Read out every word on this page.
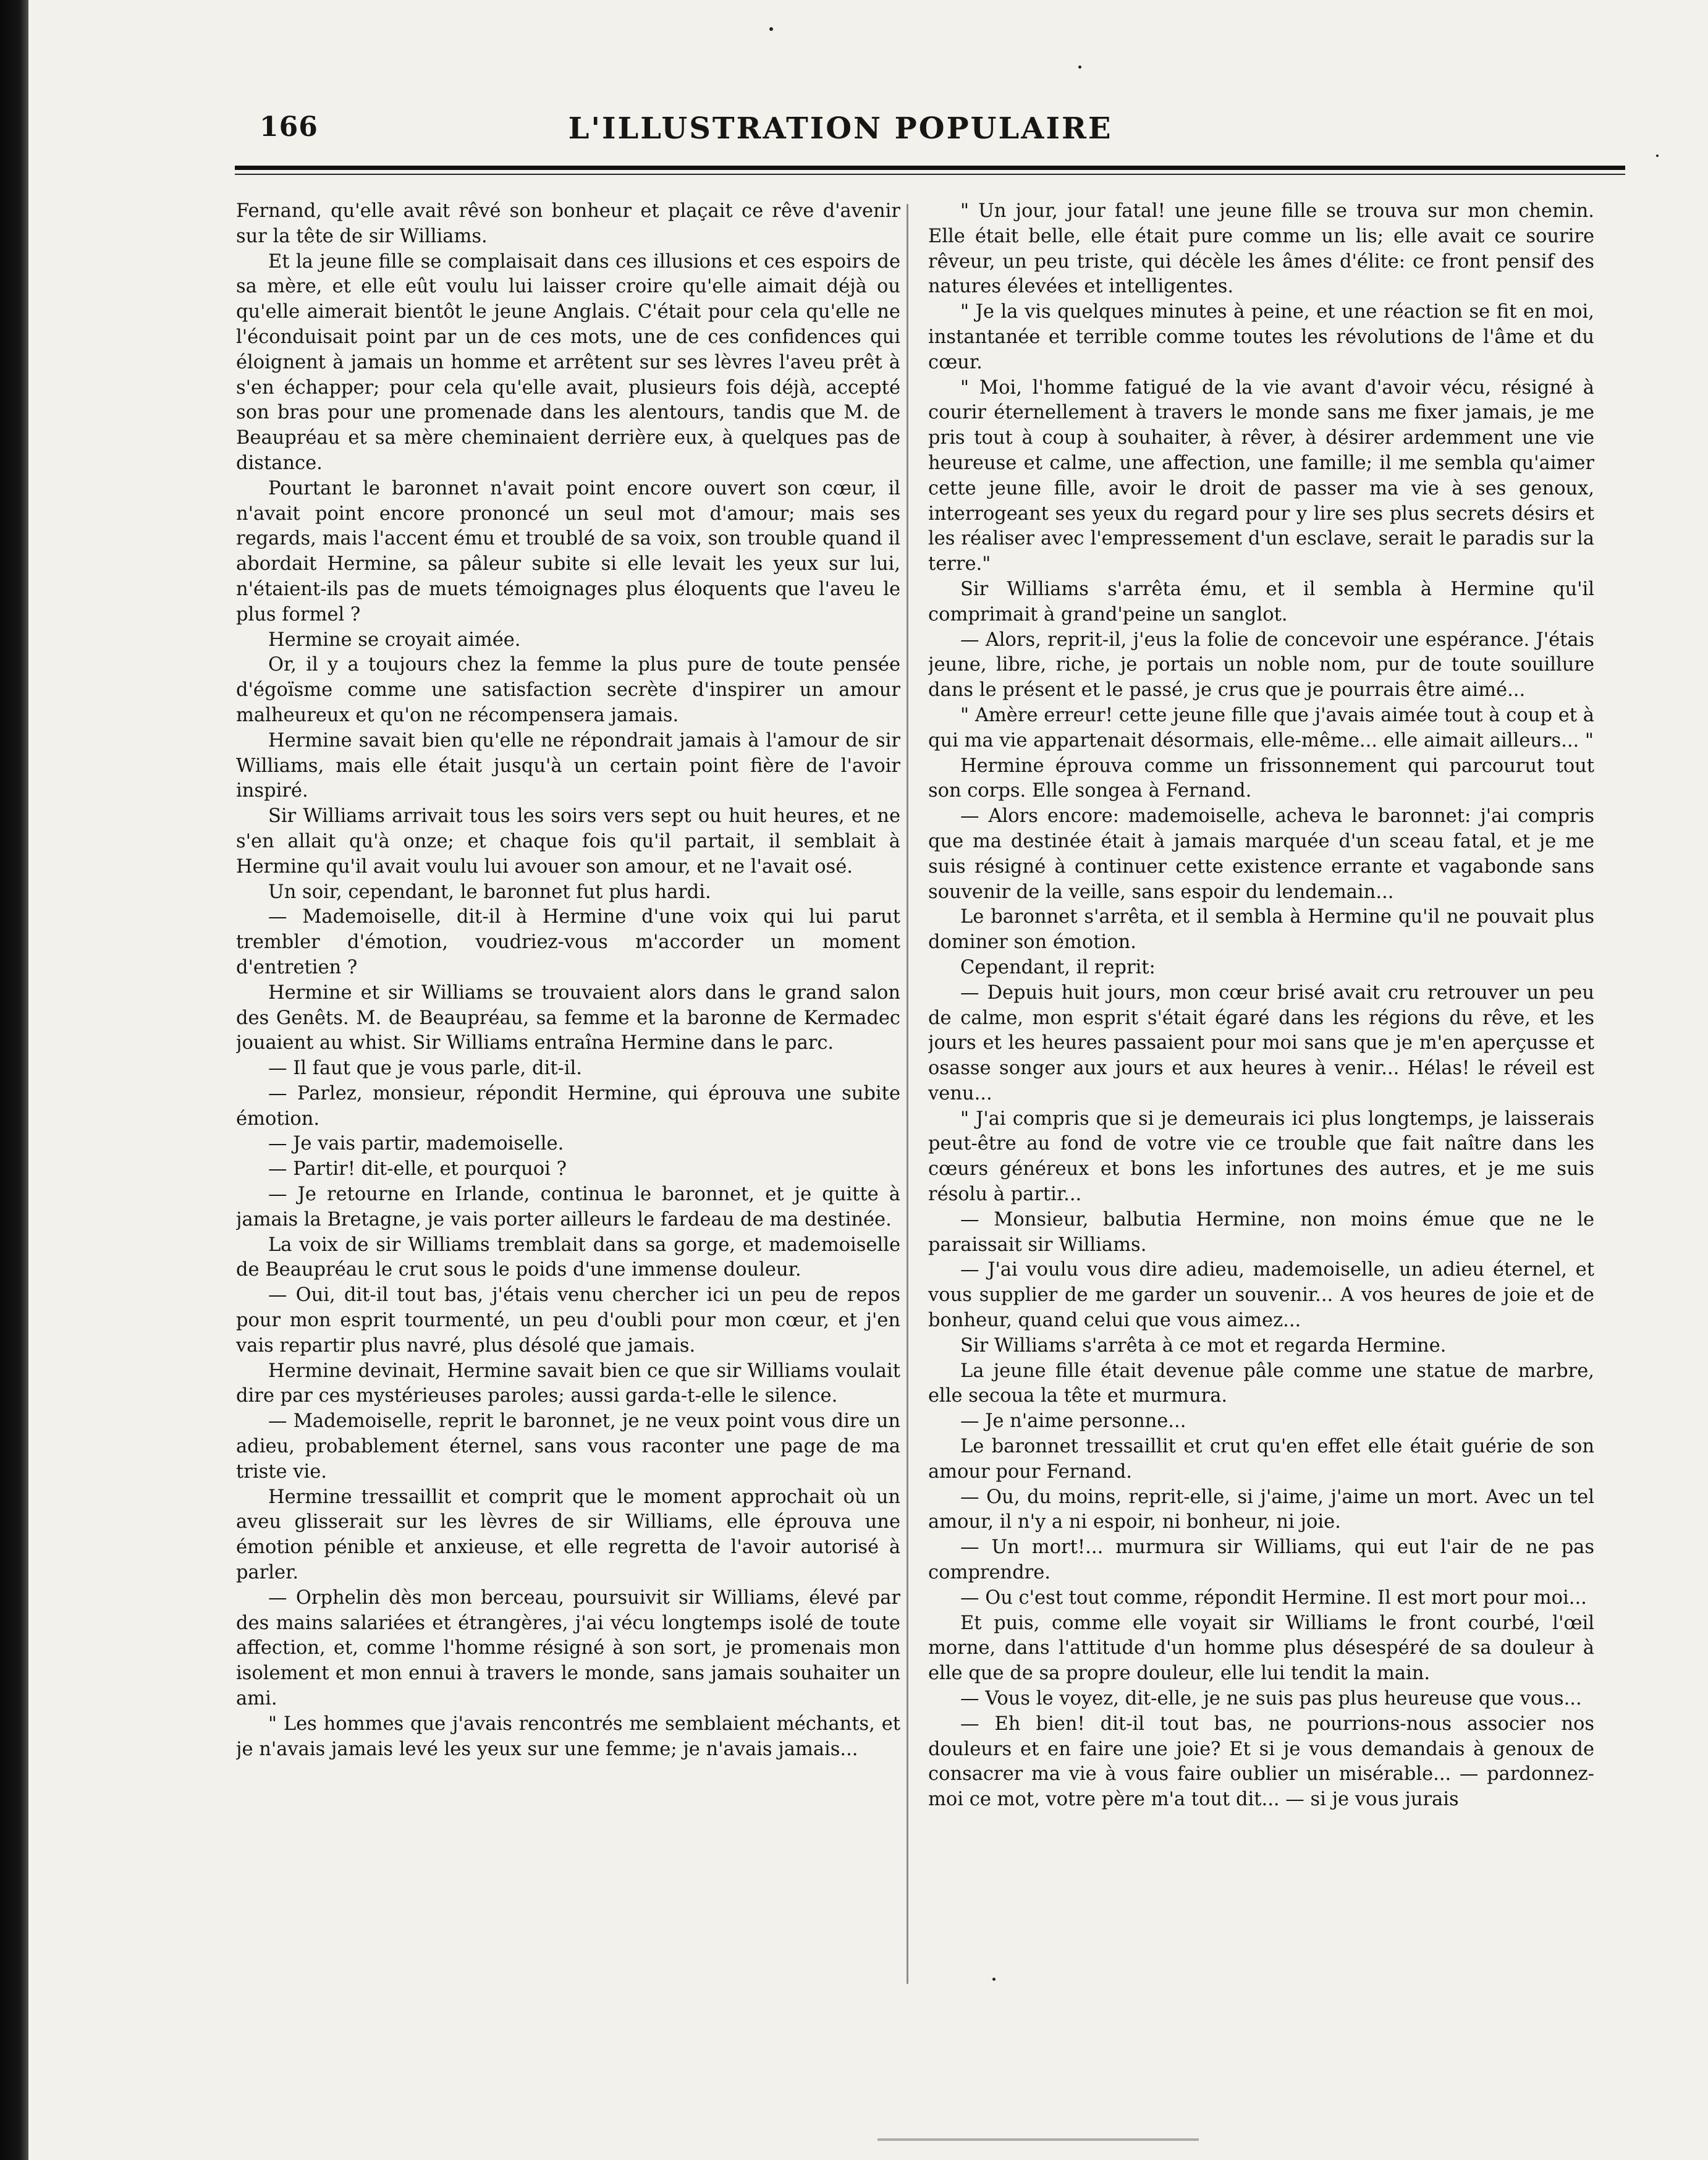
166	L'ILLUSTRATION POPULAIRE

Fernand, qu'elle avait rêvé son bonheur et plaçait ce rêve d'avenir sur la tête de sir Williams.

Et la jeune fille se complaisait dans ces illusions et ces espoirs de sa mère, et elle eût voulu lui laisser croire qu'elle aimait déjà ou qu'elle aimerait bientôt le jeune Anglais. C'était pour cela qu'elle ne l'éconduisait point par un de ces mots, une de ces confidences qui éloignent à jamais un homme et arrêtent sur ses lèvres l'aveu prêt à s'en échapper; pour cela qu'elle avait, plusieurs fois déjà, accepté son bras pour une promenade dans les alentours, tandis que M. de Beaupréau et sa mère cheminaient derrière eux, à quelques pas de distance.

Pourtant le baronnet n'avait point encore ouvert son cœur, il n'avait point encore prononcé un seul mot d'amour; mais ses regards, mais l'accent ému et troublé de sa voix, son trouble quand il abordait Hermine, sa pâleur subite si elle levait les yeux sur lui, n'étaient-ils pas de muets témoignages plus éloquents que l'aveu le plus formel ?

Hermine se croyait aimée.

Or, il y a toujours chez la femme la plus pure de toute pensée d'égoïsme comme une satisfaction secrète d'inspirer un amour malheureux et qu'on ne récompensera jamais.

Hermine savait bien qu'elle ne répondrait jamais à l'amour de sir Williams, mais elle était jusqu'à un certain point fière de l'avoir inspiré.

Sir Williams arrivait tous les soirs vers sept ou huit heures, et ne s'en allait qu'à onze; et chaque fois qu'il partait, il semblait à Hermine qu'il avait voulu lui avouer son amour, et ne l'avait osé.

Un soir, cependant, le baronnet fut plus hardi.

— Mademoiselle, dit-il à Hermine d'une voix qui lui parut trembler d'émotion, voudriez-vous m'accorder un moment d'entretien ?

Hermine et sir Williams se trouvaient alors dans le grand salon des Genêts. M. de Beaupréau, sa femme et la baronne de Kermadec jouaient au whist. Sir Williams entraîna Hermine dans le parc.

— Il faut que je vous parle, dit-il.

— Parlez, monsieur, répondit Hermine, qui éprouva une subite émotion.

— Je vais partir, mademoiselle.

— Partir! dit-elle, et pourquoi ?

— Je retourne en Irlande, continua le baronnet, et je quitte à jamais la Bretagne, je vais porter ailleurs le fardeau de ma destinée.

La voix de sir Williams tremblait dans sa gorge, et mademoiselle de Beaupréau le crut sous le poids d'une immense douleur.

— Oui, dit-il tout bas, j'étais venu chercher ici un peu de repos pour mon esprit tourmenté, un peu d'oubli pour mon cœur, et j'en vais repartir plus navré, plus désolé que jamais.

Hermine devinait, Hermine savait bien ce que sir Williams voulait dire par ces mystérieuses paroles; aussi garda-t-elle le silence.

— Mademoiselle, reprit le baronnet, je ne veux point vous dire un adieu, probablement éternel, sans vous raconter une page de ma triste vie.

Hermine tressaillit et comprit que le moment approchait où un aveu glisserait sur les lèvres de sir Williams, elle éprouva une émotion pénible et anxieuse, et elle regretta de l'avoir autorisé à parler.

— Orphelin dès mon berceau, poursuivit sir Williams, élevé par des mains salariées et étrangères, j'ai vécu longtemps isolé de toute affection, et, comme l'homme résigné à son sort, je promenais mon isolement et mon ennui à travers le monde, sans jamais souhaiter un ami.

" Les hommes que j'avais rencontrés me semblaient méchants, et je n'avais jamais levé les yeux sur une femme; je n'avais jamais...

" Un jour, jour fatal! une jeune fille se trouva sur mon chemin. Elle était belle, elle était pure comme un lis; elle avait ce sourire rêveur, un peu triste, qui décèle les âmes d'élite: ce front pensif des natures élevées et intelligentes.

" Je la vis quelques minutes à peine, et une réaction se fit en moi, instantanée et terrible comme toutes les révolutions de l'âme et du cœur.

" Moi, l'homme fatigué de la vie avant d'avoir vécu, résigné à courir éternellement à travers le monde sans me fixer jamais, je me pris tout à coup à souhaiter, à rêver, à désirer ardemment une vie heureuse et calme, une affection, une famille; il me sembla qu'aimer cette jeune fille, avoir le droit de passer ma vie à ses genoux, interrogeant ses yeux du regard pour y lire ses plus secrets désirs et les réaliser avec l'empressement d'un esclave, serait le paradis sur la terre."

Sir Williams s'arrêta ému, et il sembla à Hermine qu'il comprimait à grand'peine un sanglot.

— Alors, reprit-il, j'eus la folie de concevoir une espérance. J'étais jeune, libre, riche, je portais un noble nom, pur de toute souillure dans le présent et le passé, je crus que je pourrais être aimé...

" Amère erreur! cette jeune fille que j'avais aimée tout à coup et à qui ma vie appartenait désormais, elle-même... elle aimait ailleurs... "

Hermine éprouva comme un frissonnement qui parcourut tout son corps. Elle songea à Fernand.

— Alors encore: mademoiselle, acheva le baronnet: j'ai compris que ma destinée était à jamais marquée d'un sceau fatal, et je me suis résigné à continuer cette existence errante et vagabonde sans souvenir de la veille, sans espoir du lendemain...

Le baronnet s'arrêta, et il sembla à Hermine qu'il ne pouvait plus dominer son émotion.

Cependant, il reprit:

— Depuis huit jours, mon cœur brisé avait cru retrouver un peu de calme, mon esprit s'était égaré dans les régions du rêve, et les jours et les heures passaient pour moi sans que je m'en aperçusse et osasse songer aux jours et aux heures à venir... Hélas! le réveil est venu...

" J'ai compris que si je demeurais ici plus longtemps, je laisserais peut-être au fond de votre vie ce trouble que fait naître dans les cœurs généreux et bons les infortunes des autres, et je me suis résolu à partir...

— Monsieur, balbutia Hermine, non moins émue que ne le paraissait sir Williams.

— J'ai voulu vous dire adieu, mademoiselle, un adieu éternel, et vous supplier de me garder un souvenir... A vos heures de joie et de bonheur, quand celui que vous aimez...

Sir Williams s'arrêta à ce mot et regarda Hermine.

La jeune fille était devenue pâle comme une statue de marbre, elle secoua la tête et murmura.

— Je n'aime personne...

Le baronnet tressaillit et crut qu'en effet elle était guérie de son amour pour Fernand.

— Ou, du moins, reprit-elle, si j'aime, j'aime un mort. Avec un tel amour, il n'y a ni espoir, ni bonheur, ni joie.

— Un mort!... murmura sir Williams, qui eut l'air de ne pas comprendre.

— Ou c'est tout comme, répondit Hermine. Il est mort pour moi...

Et puis, comme elle voyait sir Williams le front courbé, l'œil morne, dans l'attitude d'un homme plus désespéré de sa douleur à elle que de sa propre douleur, elle lui tendit la main.

— Vous le voyez, dit-elle, je ne suis pas plus heureuse que vous...

— Eh bien! dit-il tout bas, ne pourrions-nous associer nos douleurs et en faire une joie? Et si je vous demandais à genoux de consacrer ma vie à vous faire oublier un misérable... — pardonnez-moi ce mot, votre père m'a tout dit... — si je vous jurais
